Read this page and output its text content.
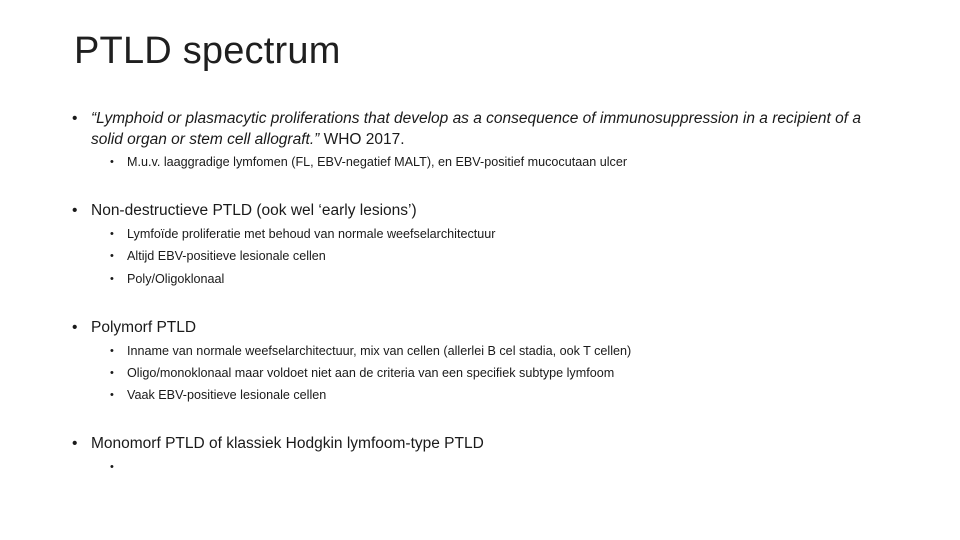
PTLD spectrum
• “Lymphoid or plasmacytic proliferations that develop as a consequence of immunosuppression in a recipient of a solid organ or stem cell allograft.” WHO 2017.
•	M.u.v. laaggradige lymfomen (FL, EBV-negatief MALT), en EBV-positief mucocutaan ulcer
• Non-destructieve PTLD (ook wel ‘early lesions’)
•	Lymfoïde proliferatie met behoud van normale weefselarchitectuur
•	Altijd EBV-positieve lesionale cellen
•	Poly/Oligoklonaal
• Polymorf PTLD
•	Inname van normale weefselarchitectuur, mix van cellen (allerlei B cel stadia, ook T cellen)
•	Oligo/monoklonaal maar voldoet niet aan de criteria van een specifiek subtype lymfoom
•	Vaak EBV-positieve lesionale cellen
• Monomorf PTLD of klassiek Hodgkin lymfoom-type PTLD
•
